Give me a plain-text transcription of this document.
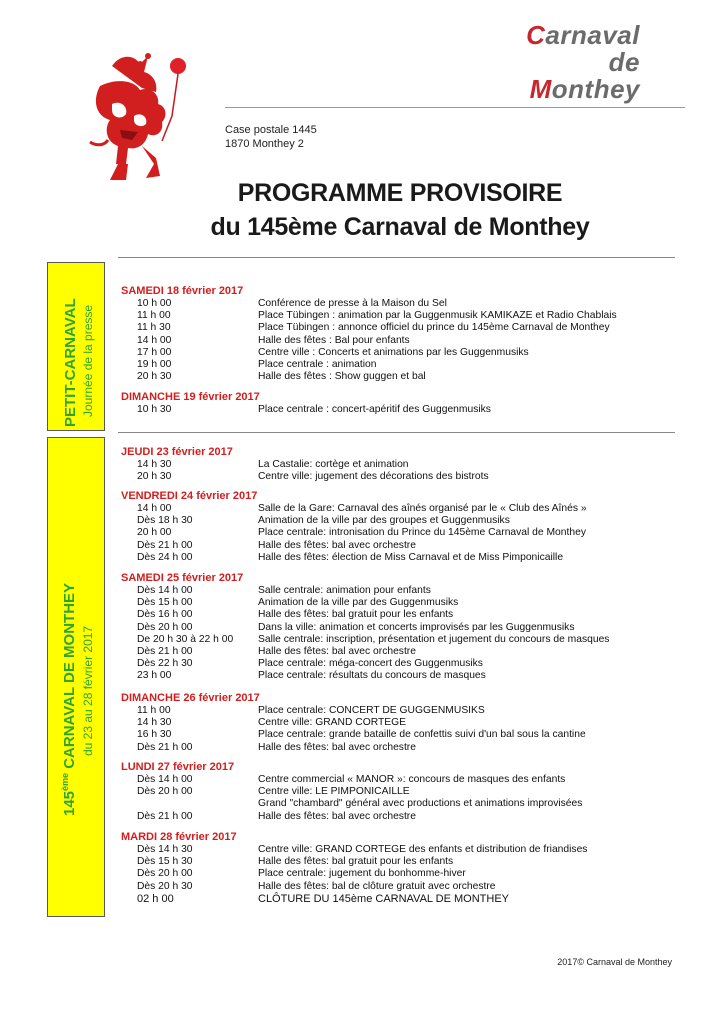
Carnaval
de
Monthey
Case postale 1445
1870 Monthey 2
PROGRAMME PROVISOIRE
du 145ème Carnaval de Monthey
PETIT-CARNAVAL Journée de la presse
145ème CARNAVAL DE MONTHEY du 23 au 28 février 2017
SAMEDI 18 février 2017
10 h 00	Conférence de presse à la Maison du Sel
11 h 00	Place Tübingen : animation par la Guggenmusik KAMIKAZE et Radio Chablais
11 h 30	Place Tübingen : annonce officiel du prince du 145ème Carnaval de Monthey
14 h 00	Halle des fêtes : Bal pour enfants
17 h 00	Centre ville : Concerts et animations par les Guggenmusiks
19 h 00	Place centrale : animation
20 h 30	Halle des fêtes : Show guggen et bal
DIMANCHE 19 février 2017
10 h 30	Place centrale : concert-apéritif des Guggenmusiks
JEUDI 23 février 2017
14 h 30	La Castalie: cortège et animation
20 h 30	Centre ville: jugement des décorations des bistrots
VENDREDI 24 février 2017
14 h 00	Salle de la Gare: Carnaval des aînés organisé par le « Club des Aînés »
Dès 18 h 30	Animation de la ville par des groupes et Guggenmusiks
20 h 00	Place centrale: intronisation du Prince du 145ème Carnaval de Monthey
Dès 21 h 00	Halle des fêtes: bal avec orchestre
Dès 24 h 00	Halle des fêtes: élection de Miss Carnaval et de Miss Pimponicaille
SAMEDI 25 février 2017
Dès 14 h 00	Salle centrale: animation pour enfants
Dès 15 h 00	Animation de la ville par des Guggenmusiks
Dès 16 h 00	Halle des fêtes: bal gratuit pour les enfants
Dès 20 h 00	Dans la ville: animation et concerts improvisés par les Guggenmusiks
De 20 h 30 à 22 h 00 Salle centrale: inscription, présentation et jugement du concours de masques
Dès 21 h 00	Halle des fêtes: bal avec orchestre
Dès 22 h 30	Place centrale: méga-concert des Guggenmusiks
23 h 00	Place centrale: résultats du concours de masques
DIMANCHE 26 février 2017
11 h 00	Place centrale: CONCERT DE GUGGENMUSIKS
14 h 30	Centre ville: GRAND CORTEGE
16 h 30	Place centrale: grande bataille de confettis suivi d'un bal sous la cantine
Dès 21 h 00	Halle des fêtes: bal avec orchestre
LUNDI 27 février 2017
Dès 14 h 00	Centre commercial « MANOR »: concours de masques des enfants
Dès 20 h 00	Centre ville: LE PIMPONICAILLE
Grand "chambard" général avec productions et animations improvisées
Dès 21 h 00	Halle des fêtes: bal avec orchestre
MARDI 28 février 2017
Dès 14 h 30	Centre ville: GRAND CORTEGE des enfants et distribution de friandises
Dès 15 h 30	Halle des fêtes: bal gratuit pour les enfants
Dès 20 h 00	Place centrale: jugement du bonhomme-hiver
Dès 20 h 30	Halle des fêtes: bal de clôture gratuit avec orchestre
02 h 00	CLÔTURE DU 145ème CARNAVAL DE MONTHEY
2017© Carnaval de Monthey
